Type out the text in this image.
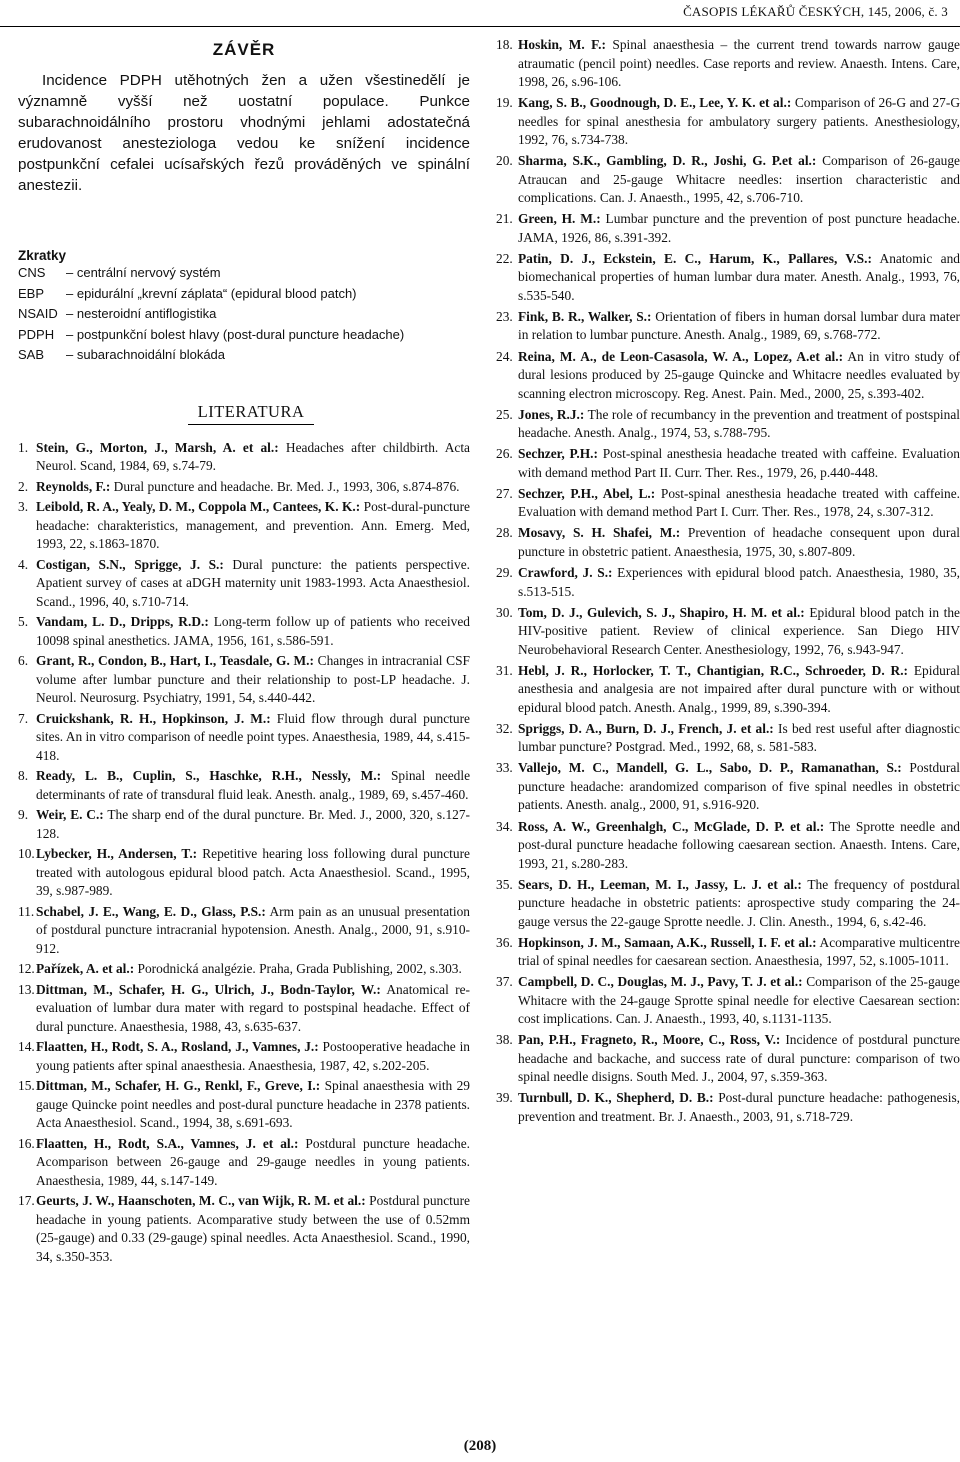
ČASOPIS LÉKAŘŮ ČESKÝCH, 145, 2006, č. 3
ZÁVĚR

Incidence PDPH utěhotných žen a užen všestinedělí je významně vyšší než uostatní populace. Punkce subarachnoidálního prostoru vhodnými jehlami adostatečná erudovanost anesteziologa vedou ke snížení incidence postpunkční cefalei ucísařských řezů prováděných ve spinální anestezii.

Zkratky
CNS	– centrální nervový systém
EBP	– epidurální „krevní záplata“ (epidural blood patch)
NSAID – nesteroidní antiflogistika
PDPH – postpunkční bolest hlavy (post-dural puncture headache)
SAB	– subarachnoidální blokáda
LITERATURA
1. Stein, G., Morton, J., Marsh, A. et al.: Headaches after childbirth. Acta Neurol. Scand, 1984, 69, s.74-79.
2. Reynolds, F.: Dural puncture and headache. Br. Med. J., 1993, 306, s.874-876.
3. Leibold, R. A., Yealy, D. M., Coppola M., Cantees, K. K.: Post-dural-puncture headache: charakteristics, management, and prevention. Ann. Emerg. Med, 1993, 22, s.1863-1870.
4. Costigan, S.N., Sprigge, J. S.: Dural puncture: the patients perspective. Apatient survey of cases at aDGH maternity unit 1983-1993. Acta Anaesthesiol. Scand., 1996, 40, s.710-714.
5. Vandam, L. D., Dripps, R.D.: Long-term follow up of patients who received 10098 spinal anesthetics. JAMA, 1956, 161, s.586-591.
6. Grant, R., Condon, B., Hart, I., Teasdale, G. M.: Changes in intracranial CSF volume after lumbar puncture and their relationship to post-LP headache. J. Neurol. Neurosurg. Psychiatry, 1991, 54, s.440-442.
7. Cruickshank, R. H., Hopkinson, J. M.: Fluid flow through dural puncture sites. An in vitro comparison of needle point types. Anaesthesia, 1989, 44, s.415-418.
8. Ready, L. B., Cuplin, S., Haschke, R.H., Nessly, M.: Spinal needle determinants of rate of transdural fluid leak. Anesth. analg., 1989, 69, s.457-460.
9. Weir, E. C.: The sharp end of the dural puncture. Br. Med. J., 2000, 320, s.127-128.
10. Lybecker, H., Andersen, T.: Repetitive hearing loss following dural puncture treated with autologous epidural blood patch. Acta Anaesthesiol. Scand., 1995, 39, s.987-989.
11. Schabel, J. E., Wang, E. D., Glass, P.S.: Arm pain as an unusual presentation of postdural puncture intracranial hypotension. Anesth. Analg., 2000, 91, s.910-912.
12. Pařízek, A. et al.: Porodnická analgézie. Praha, Grada Publishing, 2002, s.303.
13. Dittman, M., Schafer, H. G., Ulrich, J., Bodn-Taylor, W.: Anatomical re-evaluation of lumbar dura mater with regard to postspinal headache. Effect of dural puncture. Anaesthesia, 1988, 43, s.635-637.
14. Flaatten, H., Rodt, S. A., Rosland, J., Vamnes, J.: Postooperative headache in young patients after spinal anaesthesia. Anaesthesia, 1987, 42, s.202-205.
15. Dittman, M., Schafer, H. G., Renkl, F., Greve, I.: Spinal anaesthesia with 29 gauge Quincke point needles and post-dural puncture headache in 2378 patients. Acta Anaesthesiol. Scand., 1994, 38, s.691-693.
16. Flaatten, H., Rodt, S.A., Vamnes, J. et al.: Postdural puncture headache. Acomparison between 26-gauge and 29-gauge needles in young patients. Anaesthesia, 1989, 44, s.147-149.
17. Geurts, J. W., Haanschoten, M. C., van Wijk, R. M. et al.: Postdural puncture headache in young patients. Acomparative study between the use of 0.52mm (25-gauge) and 0.33 (29-gauge) spinal needles. Acta Anaesthesiol. Scand., 1990, 34, s.350-353.
18. Hoskin, M. F.: Spinal anaesthesia – the current trend towards narrow gauge atraumatic (pencil point) needles. Case reports and review. Anaesth. Intens. Care, 1998, 26, s.96-106.
19. Kang, S. B., Goodnough, D. E., Lee, Y. K. et al.: Comparison of 26-G and 27-G needles for spinal anesthesia for ambulatory surgery patients. Anesthesiology, 1992, 76, s.734-738.
20. Sharma, S.K., Gambling, D. R., Joshi, G. P.et al.: Comparison of 26-gauge Atraucan and 25-gauge Whitacre needles: insertion characteristic and complications. Can. J. Anaesth., 1995, 42, s.706-710.
21. Green, H. M.: Lumbar puncture and the prevention of post puncture headache. JAMA, 1926, 86, s.391-392.
22. Patin, D. J., Eckstein, E. C., Harum, K., Pallares, V.S.: Anatomic and biomechanical properties of human lumbar dura mater. Anesth. Analg., 1993, 76, s.535-540.
23. Fink, B. R., Walker, S.: Orientation of fibers in human dorsal lumbar dura mater in relation to lumbar puncture. Anesth. Analg., 1989, 69, s.768-772.
24. Reina, M. A., de Leon-Casasola, W. A., Lopez, A.et al.: An in vitro study of dural lesions produced by 25-gauge Quincke and Whitacre needles evaluated by scanning electron microscopy. Reg. Anest. Pain. Med., 2000, 25, s.393-402.
25. Jones, R.J.: The role of recumbancy in the prevention and treatment of postspinal headache. Anesth. Analg., 1974, 53, s.788-795.
26. Sechzer, P.H.: Post-spinal anesthesia headache treated with caffeine. Evaluation with demand method Part II. Curr. Ther. Res., 1979, 26, p.440-448.
27. Sechzer, P.H., Abel, L.: Post-spinal anesthesia headache treated with caffeine. Evaluation with demand method Part I. Curr. Ther. Res., 1978, 24, s.307-312.
28. Mosavy, S. H. Shafei, M.: Prevention of headache consequent upon dural puncture in obstetric patient. Anaesthesia, 1975, 30, s.807-809.
29. Crawford, J. S.: Experiences with epidural blood patch. Anaesthesia, 1980, 35, s.513-515.
30. Tom, D. J., Gulevich, S. J., Shapiro, H. M. et al.: Epidural blood patch in the HIV-positive patient. Review of clinical experience. San Diego HIV Neurobehavioral Research Center. Anesthesiology, 1992, 76, s.943-947.
31. Hebl, J. R., Horlocker, T. T., Chantigian, R.C., Schroeder, D. R.: Epidural anesthesia and analgesia are not impaired after dural puncture with or without epidural blood patch. Anesth. Analg., 1999, 89, s.390-394.
32. Spriggs, D. A., Burn, D. J., French, J. et al.: Is bed rest useful after diagnostic lumbar puncture? Postgrad. Med., 1992, 68, s. 581-583.
33. Vallejo, M. C., Mandell, G. L., Sabo, D. P., Ramanathan, S.: Postdural puncture headache: arandomized comparison of five spinal needles in obstetric patients. Anesth. analg., 2000, 91, s.916-920.
34. Ross, A. W., Greenhalgh, C., McGlade, D. P. et al.: The Sprotte needle and post-dural puncture headache following caesarean section. Anaesth. Intens. Care, 1993, 21, s.280-283.
35. Sears, D. H., Leeman, M. I., Jassy, L. J. et al.: The frequency of postdural puncture headache in obstetric patients: aprospective study comparing the 24-gauge versus the 22-gauge Sprotte needle. J. Clin. Anesth., 1994, 6, s.42-46.
36. Hopkinson, J. M., Samaan, A.K., Russell, I. F. et al.: Acomparative multicentre trial of spinal needles for caesarean section. Anaesthesia, 1997, 52, s.1005-1011.
37. Campbell, D. C., Douglas, M. J., Pavy, T. J. et al.: Comparison of the 25-gauge Whitacre with the 24-gauge Sprotte spinal needle for elective Caesarean section: cost implications. Can. J. Anaesth., 1993, 40, s.1131-1135.
38. Pan, P.H., Fragneto, R., Moore, C., Ross, V.: Incidence of postdural puncture headache and backache, and success rate of dural puncture: comparison of two spinal needle disigns. South Med. J., 2004, 97, s.359-363.
39. Turnbull, D. K., Shepherd, D. B.: Post-dural puncture headache: pathogenesis, prevention and treatment. Br. J. Anaesth., 2003, 91, s.718-729.
(208)
